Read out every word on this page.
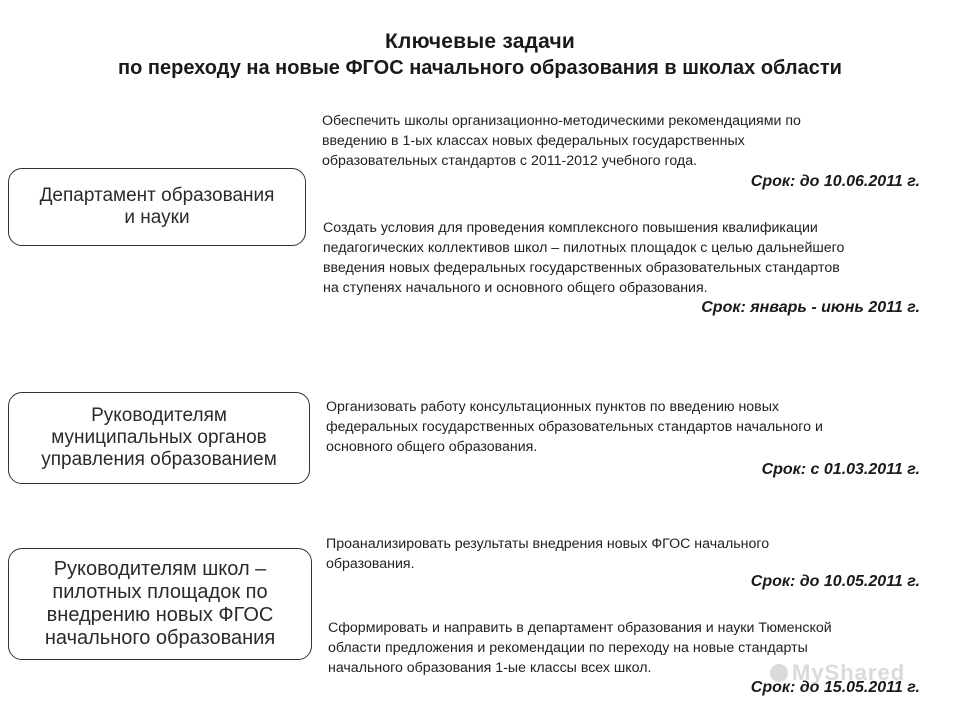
Ключевые задачи
по переходу на новые ФГОС начального образования в школах области
Департамент образования
и науки
Руководителям
муниципальных органов
управления образованием
Руководителям школ –
пилотных площадок по
внедрению новых ФГОС
начального образования
Обеспечить школы организационно-методическими рекомендациями по
введению в 1-ых классах новых федеральных государственных
образовательных стандартов с 2011-2012 учебного года.
Срок: до 10.06.2011 г.
Создать условия для проведения комплексного повышения квалификации
педагогических коллективов школ – пилотных площадок с целью дальнейшего
введения новых федеральных государственных образовательных стандартов
на ступенях начального и основного общего образования.
Срок: январь - июнь 2011 г.
Организовать работу консультационных пунктов по введению новых
федеральных государственных образовательных стандартов начального и
основного общего образования.
Срок: с 01.03.2011 г.
Проанализировать результаты внедрения новых ФГОС начального
образования.
Срок: до 10.05.2011 г.
Сформировать и направить в департамент образования и науки Тюменской
области предложения и рекомендации по переходу на новые стандарты
начального образования 1-ые классы всех школ.
Срок: до 15.05.2011 г.
MyShared
